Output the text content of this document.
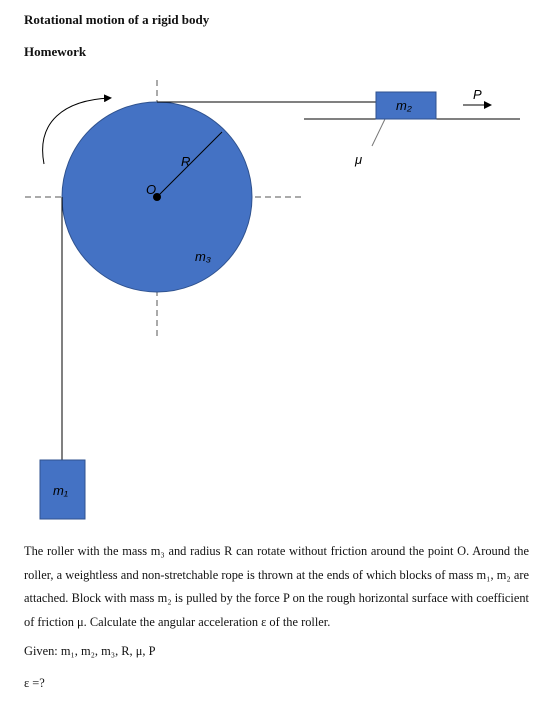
Rotational motion of a rigid body
Homework
R
O
m₃
m₂
P
μ
m₁

The roller with the mass m₃ and radius R can rotate without friction around the point O. Around the roller, a weightless and non-stretchable rope is thrown at the ends of which blocks of mass m₁, m₂ are attached. Block with mass m₂ is pulled by the force P on the rough horizontal surface with coefficient of friction μ. Calculate the angular acceleration ε of the roller.

Given: m₁, m₂, m₃, R, μ, P
ε =?
